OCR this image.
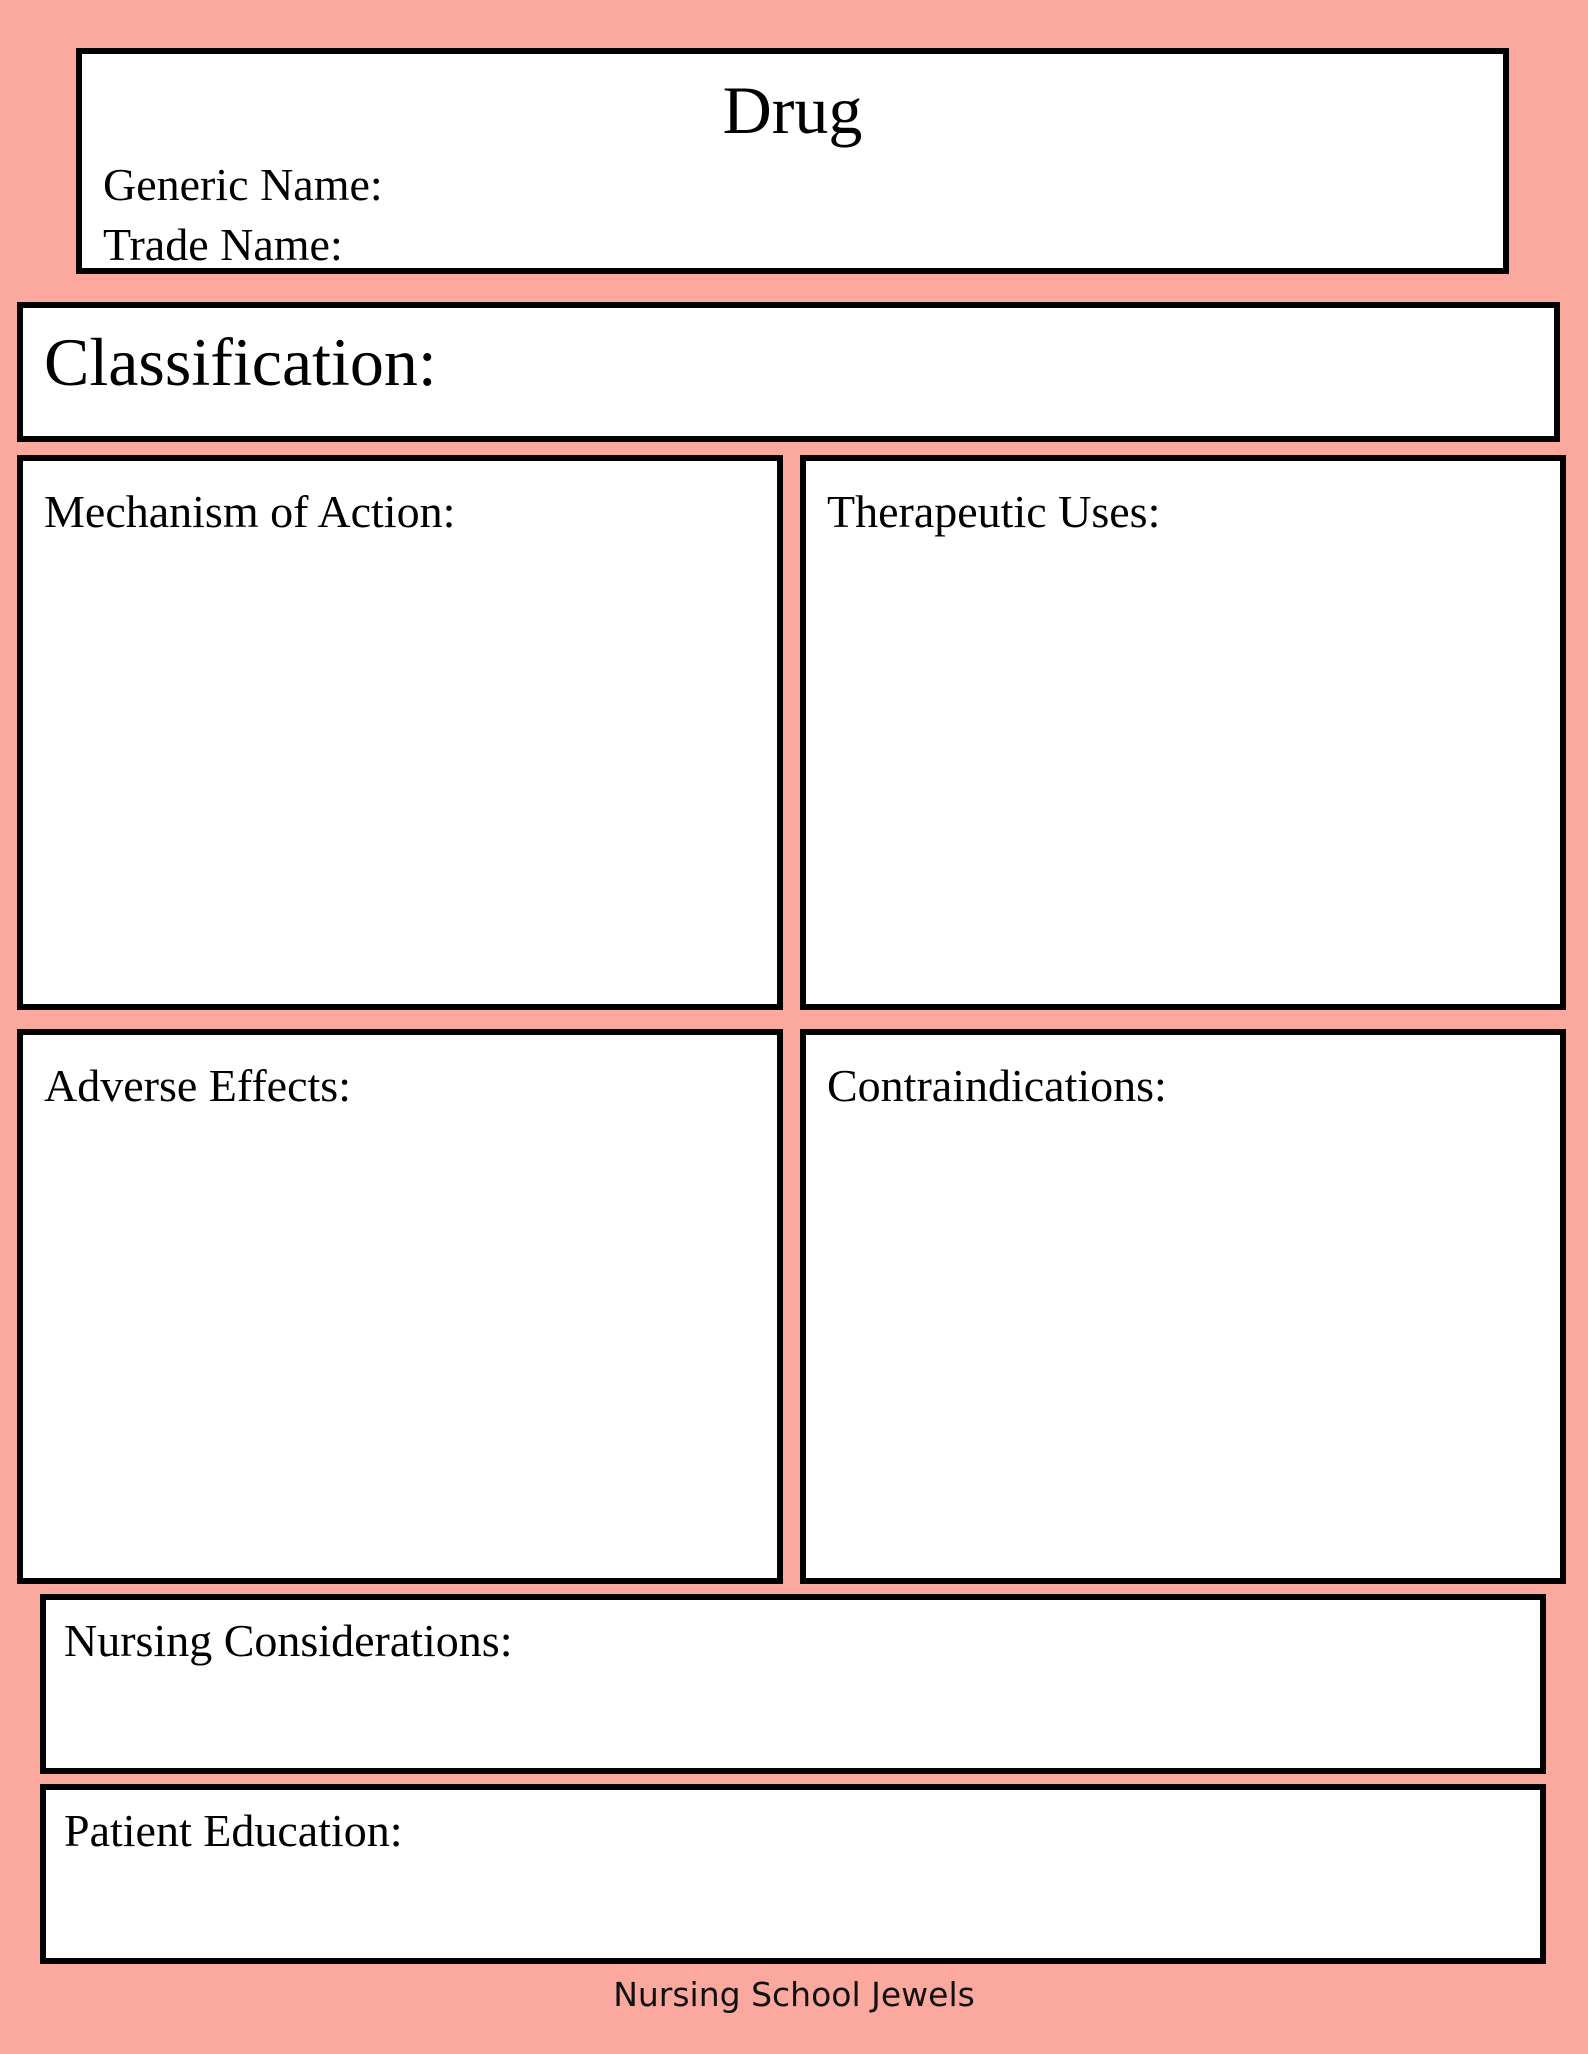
Drug
Generic Name:
Trade Name:
Classification:
Mechanism of Action:	Therapeutic Uses:
Adverse Effects:	Contraindications:
Nursing Considerations:
Patient Education:
Nursing School Jewels
